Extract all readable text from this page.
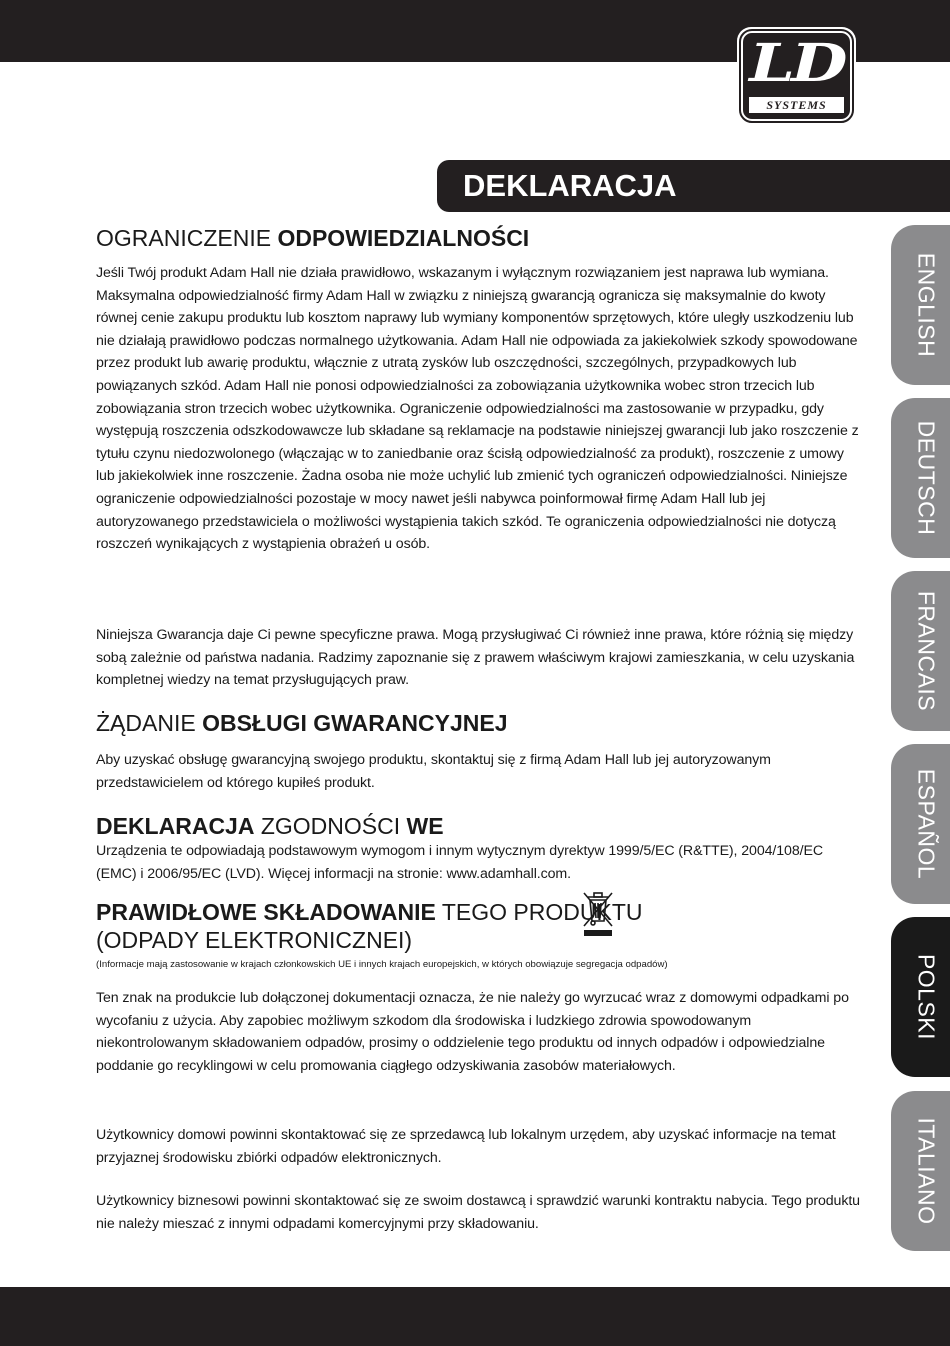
LD
SYSTEMS
DEKLARACJA
OGRANICZENIE ODPOWIEDZIALNOŚCI

Jeśli Twój produkt Adam Hall nie działa prawidłowo, wskazanym i wyłącznym rozwiązaniem jest naprawa lub wymiana. Maksymalna odpowiedzialność firmy Adam Hall w związku z niniejszą gwarancją ogranicza się maksymalnie do kwoty równej cenie zakupu produktu lub kosztom naprawy lub wymiany komponentów sprzętowych, które uległy uszkodzeniu lub nie działają prawidłowo podczas normalnego użytkowania. Adam Hall nie odpowiada za jakiekolwiek szkody spowodowane przez produkt lub awarię produktu, włącznie z utratą zysków lub oszczędności, szczególnych, przypadkowych lub powiązanych szkód. Adam Hall nie ponosi odpowiedzialności za zobowiązania użytkownika wobec stron trzecich lub zobowiązania stron trzecich wobec użytkownika. Ograniczenie odpowiedzialności ma zastosowanie w przypadku, gdy występują roszczenia odszkodowawcze lub składane są reklamacje na podstawie niniejszej gwarancji lub jako roszczenie z tytułu czynu niedozwolonego (włączając w to zaniedbanie oraz ścisłą odpowiedzialność za produkt), roszczenie z umowy lub jakiekolwiek inne roszczenie. Żadna osoba nie może uchylić lub zmienić tych ograniczeń odpowiedzialności. Niniejsze ograniczenie odpowiedzialności pozostaje w mocy nawet jeśli nabywca poinformował firmę Adam Hall lub jej autoryzowanego przedstawiciela o możliwości wystąpienia takich szkód. Te ograniczenia odpowiedzialności nie dotyczą roszczeń wynikających z wystąpienia obrażeń u osób.

Niniejsza Gwarancja daje Ci pewne specyficzne prawa. Mogą przysługiwać Ci również inne prawa, które różnią się między sobą zależnie od państwa nadania. Radzimy zapoznanie się z prawem właściwym krajowi zamieszkania, w celu uzyskania kompletnej wiedzy na temat przysługujących praw.

ŻĄDANIE OBSŁUGI GWARANCYJNEJ

Aby uzyskać obsługę gwarancyjną swojego produktu, skontaktuj się z firmą Adam Hall lub jej autoryzowanym przedstawicielem od którego kupiłeś produkt.

DEKLARACJA ZGODNOŚCI WE

Urządzenia te odpowiadają podstawowym wymogom i innym wytycznym dyrektyw 1999/5/EC (R&TTE), 2004/108/EC (EMC) i 2006/95/EC (LVD). Więcej informacji na stronie: www.adamhall.com.

PRAWIDŁOWE SKŁADOWANIE TEGO PRODUKTU
(ODPADY ELEKTRONICZNEI)
(Informacje mają zastosowanie w krajach członkowskich UE i innych krajach europejskich, w których obowiązuje segregacja odpadów)

Ten znak na produkcie lub dołączonej dokumentacji oznacza, że nie należy go wyrzucać wraz z domowymi odpadkami po wycofaniu z użycia. Aby zapobiec możliwym szkodom dla środowiska i ludzkiego zdrowia spowodowanym niekontrolowanym składowaniem odpadów, prosimy o oddzielenie tego produktu od innych odpadów i odpowiedzialne poddanie go recyklingowi w celu promowania ciągłego odzyskiwania zasobów materiałowych.

Użytkownicy domowi powinni skontaktować się ze sprzedawcą lub lokalnym urzędem, aby uzyskać informacje na temat przyjaznej środowisku zbiórki odpadów elektronicznych.

Użytkownicy biznesowi powinni skontaktować się ze swoim dostawcą i sprawdzić warunki kontraktu nabycia. Tego produktu nie należy mieszać z innymi odpadami komercyjnymi przy składowaniu.

ENGLISH
DEUTSCH
FRANCAIS
ESPAÑOL
POLSKI
ITALIANO
